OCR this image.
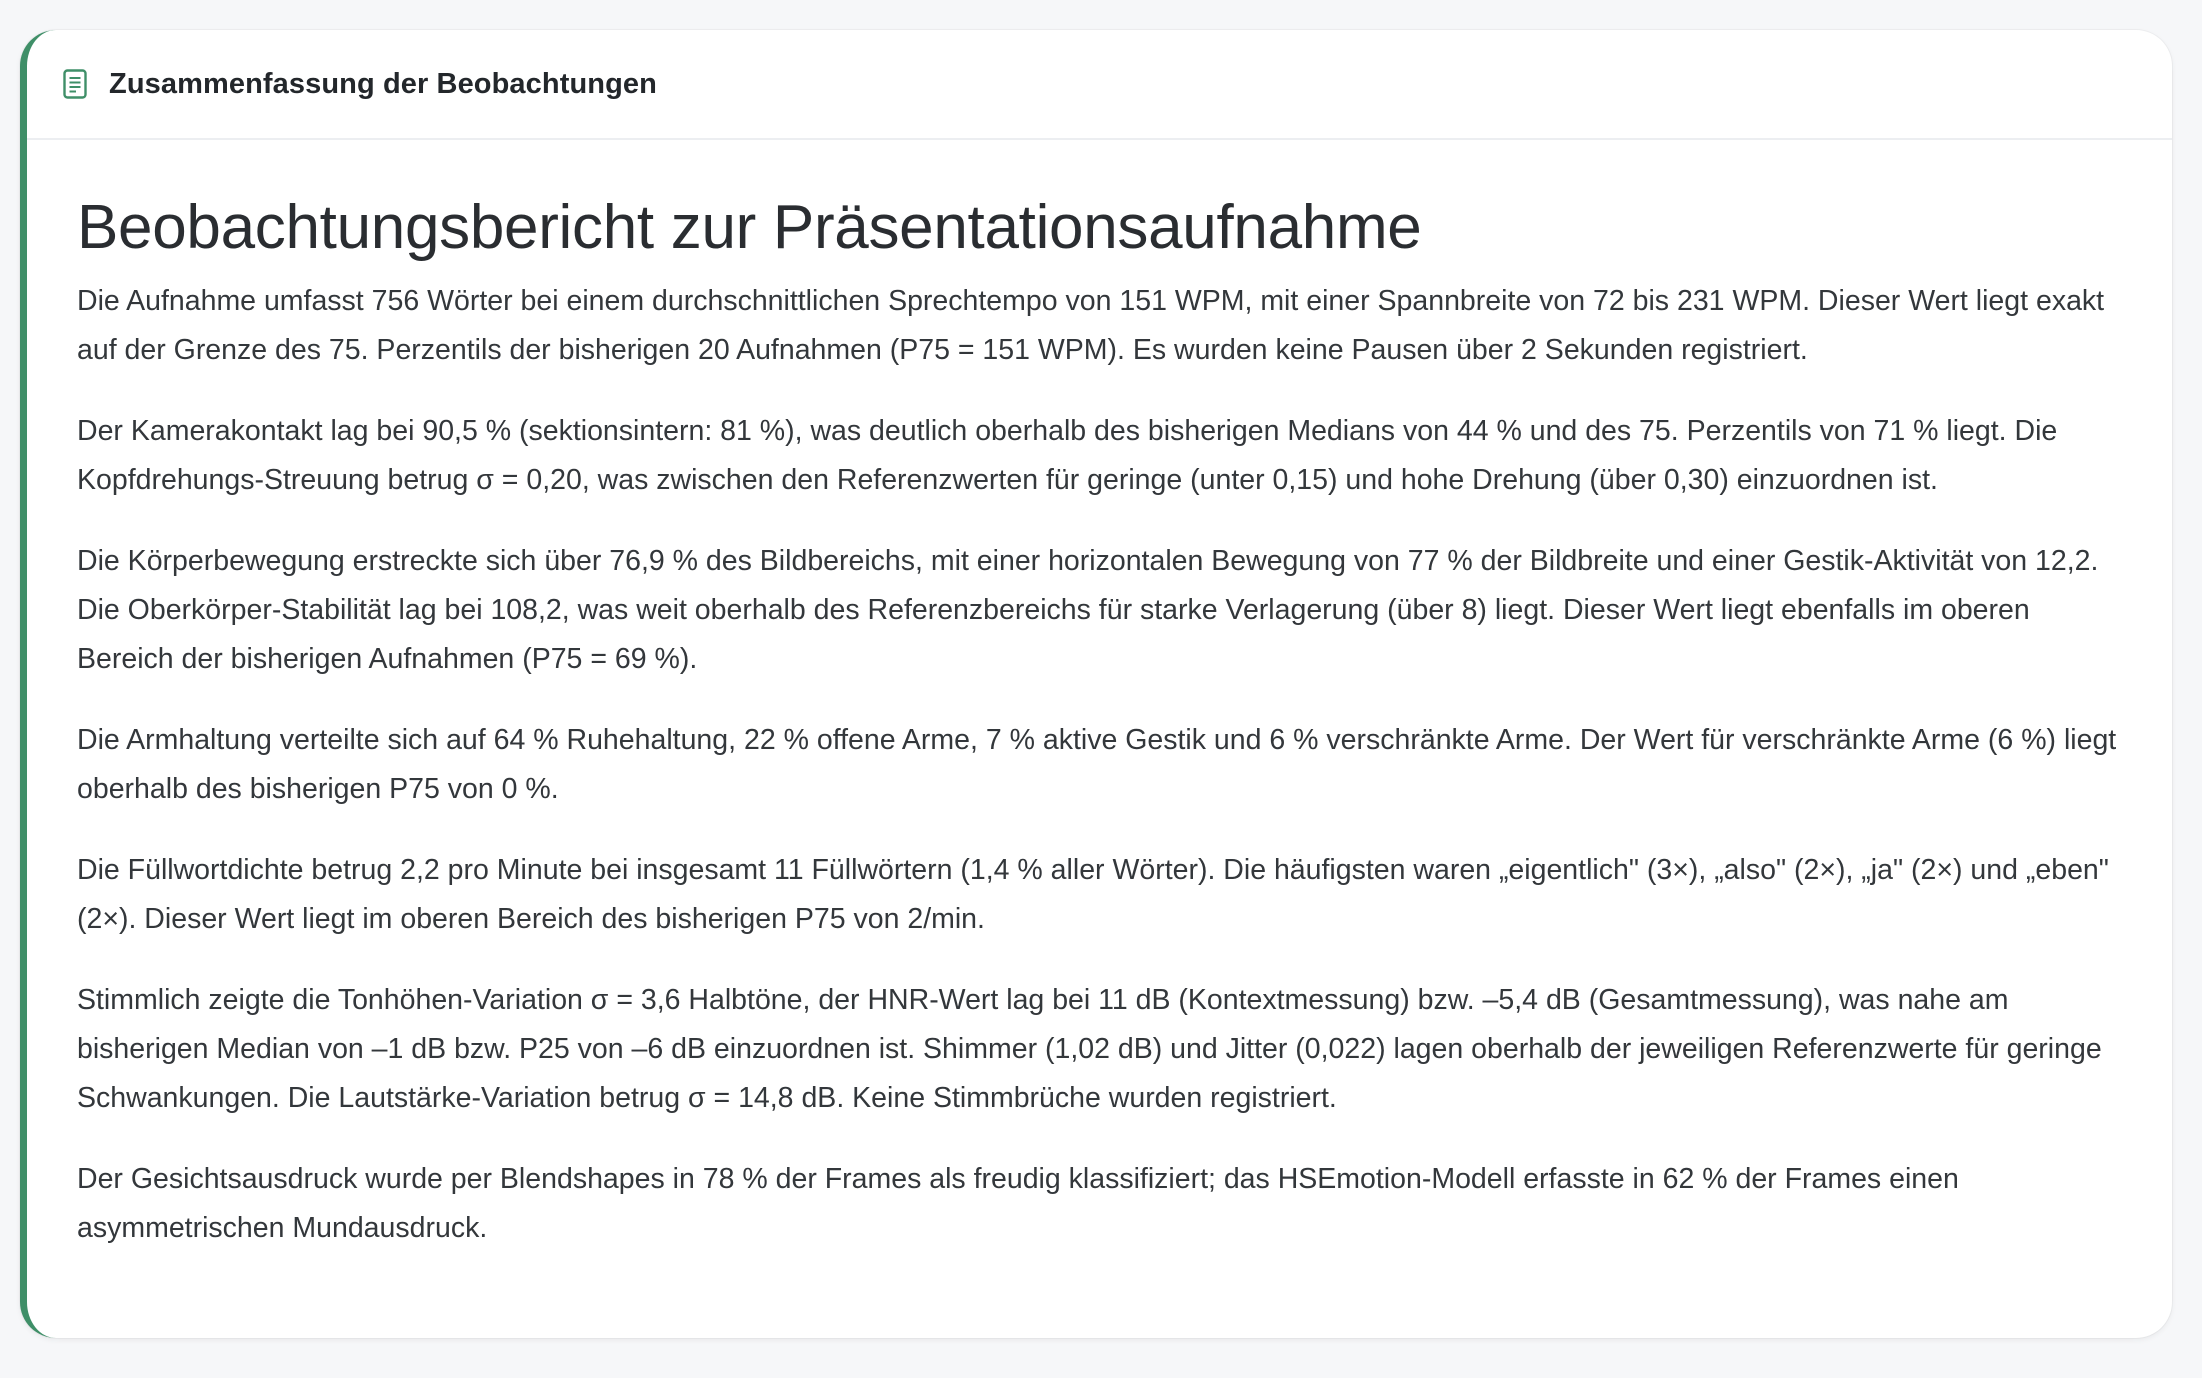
Zusammenfassung der Beobachtungen
Beobachtungsbericht zur Präsentationsaufnahme

Die Aufnahme umfasst 756 Wörter bei einem durchschnittlichen Sprechtempo von 151 WPM, mit einer Spannbreite von 72 bis 231 WPM. Dieser Wert liegt exakt auf der Grenze des 75. Perzentils der bisherigen 20 Aufnahmen (P75 = 151 WPM). Es wurden keine Pausen über 2 Sekunden registriert.

Der Kamerakontakt lag bei 90,5 % (sektionsintern: 81 %), was deutlich oberhalb des bisherigen Medians von 44 % und des 75. Perzentils von 71 % liegt. Die Kopfdrehungs-Streuung betrug σ = 0,20, was zwischen den Referenzwerten für geringe (unter 0,15) und hohe Drehung (über 0,30) einzuordnen ist.

Die Körperbewegung erstreckte sich über 76,9 % des Bildbereichs, mit einer horizontalen Bewegung von 77 % der Bildbreite und einer Gestik-Aktivität von 12,2. Die Oberkörper-Stabilität lag bei 108,2, was weit oberhalb des Referenzbereichs für starke Verlagerung (über 8) liegt. Dieser Wert liegt ebenfalls im oberen Bereich der bisherigen Aufnahmen (P75 = 69 %).

Die Armhaltung verteilte sich auf 64 % Ruhehaltung, 22 % offene Arme, 7 % aktive Gestik und 6 % verschränkte Arme. Der Wert für verschränkte Arme (6 %) liegt oberhalb des bisherigen P75 von 0 %.

Die Füllwortdichte betrug 2,2 pro Minute bei insgesamt 11 Füllwörtern (1,4 % aller Wörter). Die häufigsten waren „eigentlich" (3×), „also" (2×), „ja" (2×) und „eben" (2×). Dieser Wert liegt im oberen Bereich des bisherigen P75 von 2/min.

Stimmlich zeigte die Tonhöhen-Variation σ = 3,6 Halbtöne, der HNR-Wert lag bei 11 dB (Kontextmessung) bzw. –5,4 dB (Gesamtmessung), was nahe am bisherigen Median von –1 dB bzw. P25 von –6 dB einzuordnen ist. Shimmer (1,02 dB) und Jitter (0,022) lagen oberhalb der jeweiligen Referenzwerte für geringe Schwankungen. Die Lautstärke-Variation betrug σ = 14,8 dB. Keine Stimmbrüche wurden registriert.

Der Gesichtsausdruck wurde per Blendshapes in 78 % der Frames als freudig klassifiziert; das HSEmotion-Modell erfasste in 62 % der Frames einen asymmetrischen Mundausdruck.
